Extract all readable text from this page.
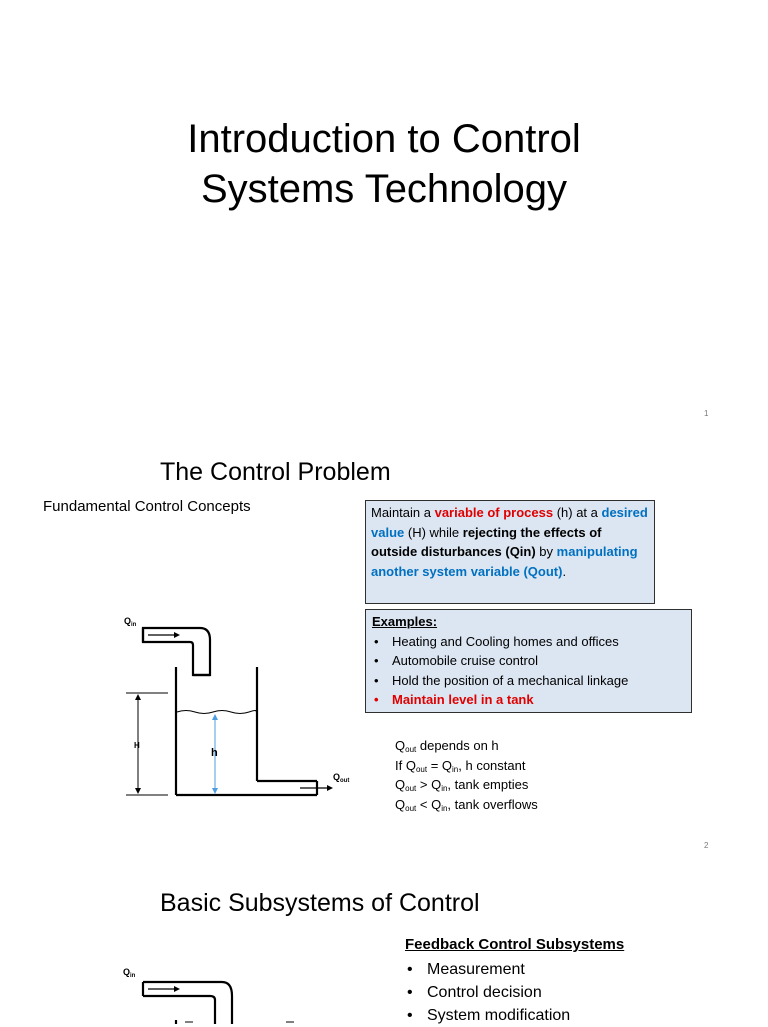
Introduction to Control
Systems Technology
1
The Control Problem
Fundamental Control Concepts	Maintain a variable of process (h) at a desired value (H) while rejecting the effects of outside disturbances (Qin) by manipulating another system variable (Qout).
Examples:
• Heating and Cooling homes and offices
• Automobile cruise control
• Hold the position of a mechanical linkage
• Maintain level in a tank
$Q_{in}$
$Q_{out}$
H
h	$Q_{out}$ depends on h
If $Q_{out} = Q_{in}$, h constant
$Q_{out} > Q_{in}$, tank empties
$Q_{out} < Q_{in}$, tank overflows
2
Basic Subsystems of Control
Feedback Control Subsystems
• Measurement
• Control decision
• System modification
$Q_{in}$
